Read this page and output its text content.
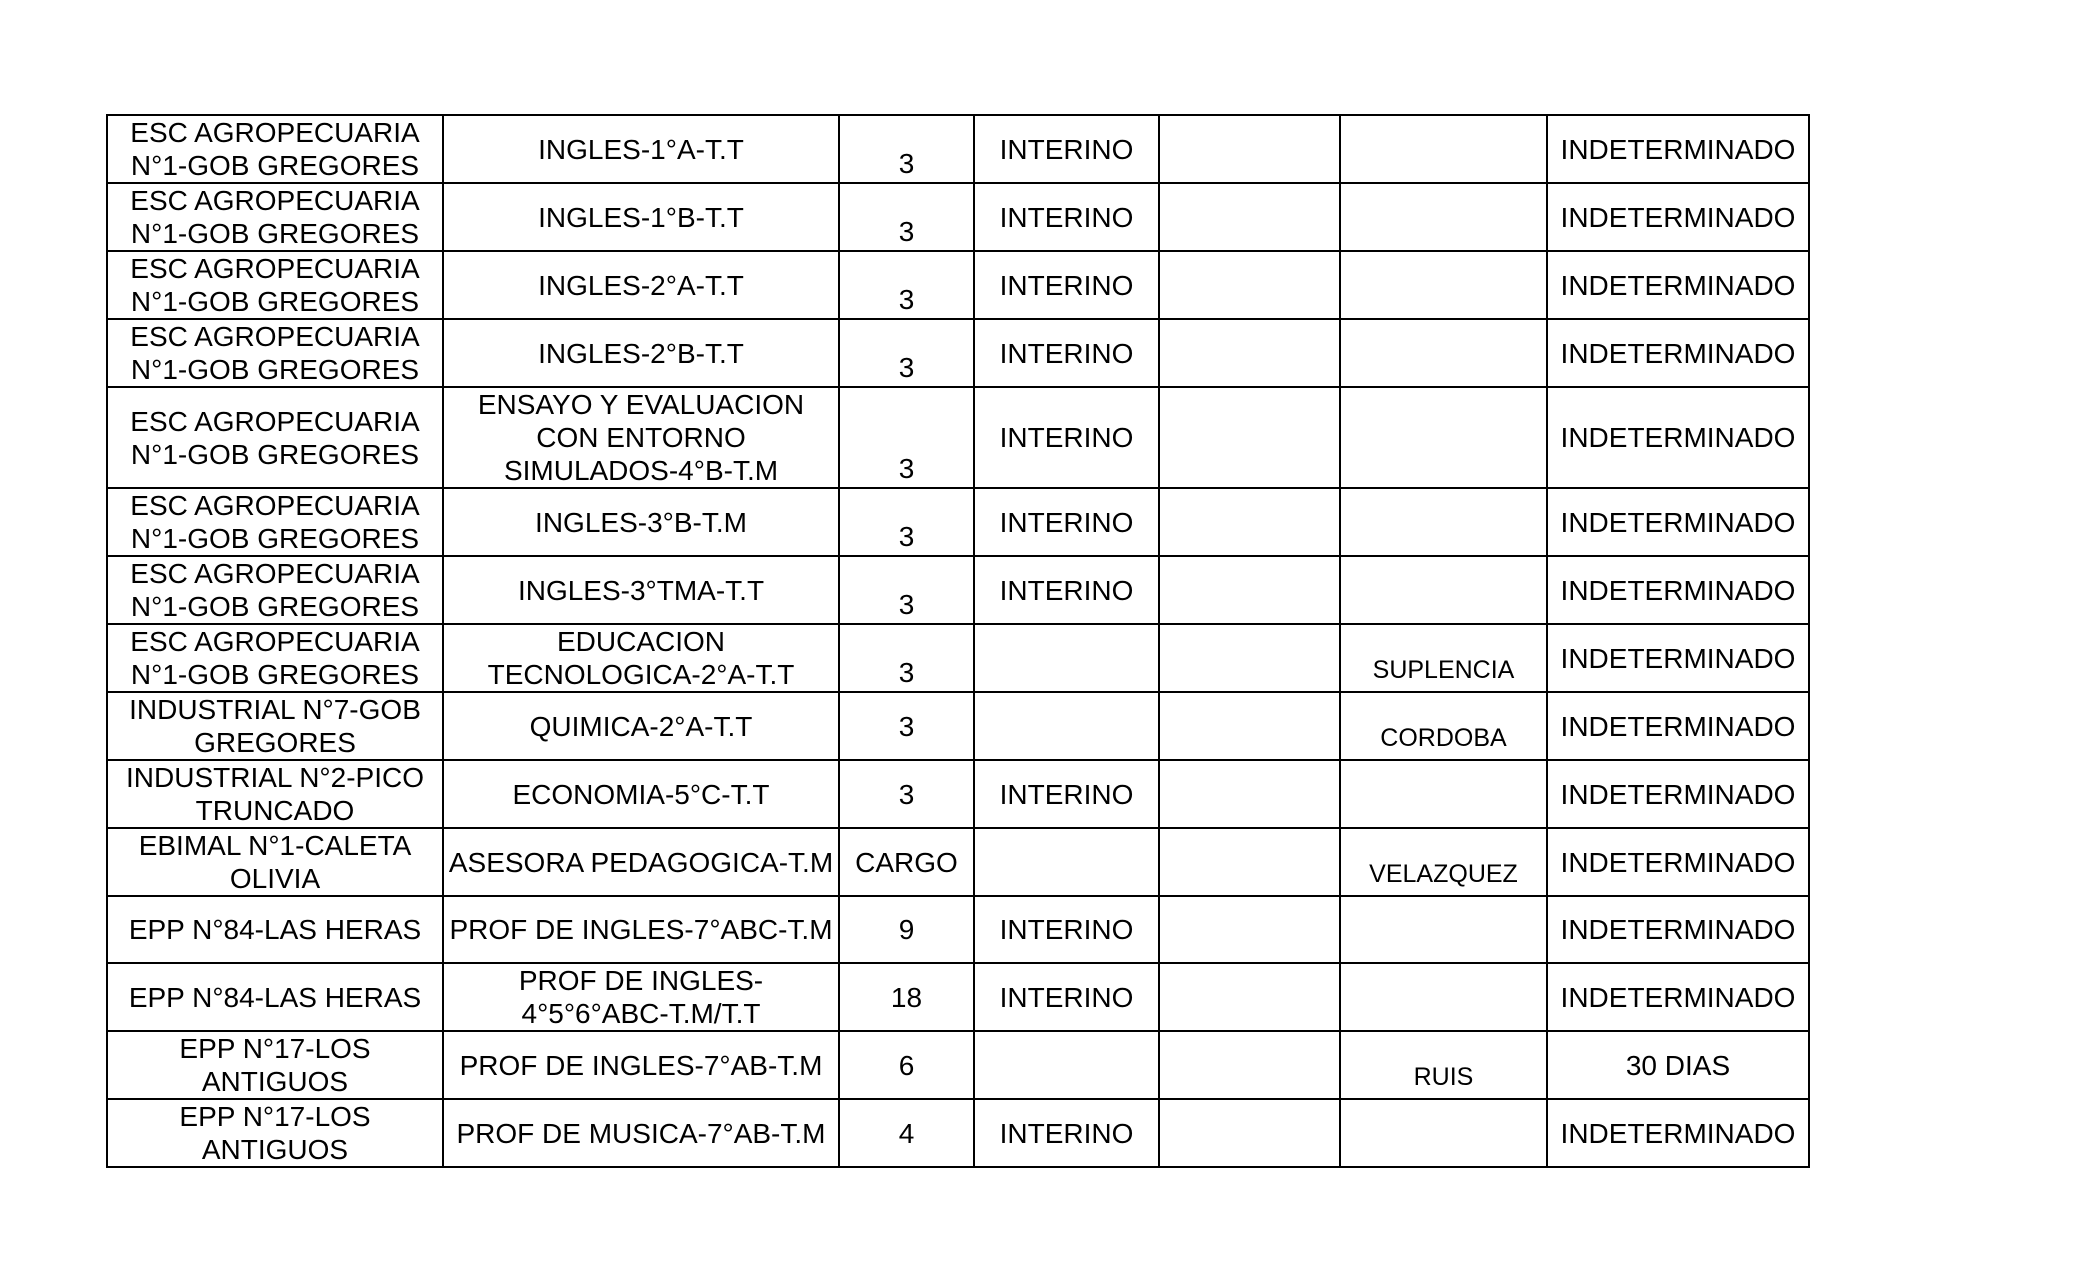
ESC AGROPECUARIA N°1-GOB GREGORES	INGLES-1°A-T.T	3	INTERINO			INDETERMINADO
ESC AGROPECUARIA N°1-GOB GREGORES	INGLES-1°B-T.T	3	INTERINO			INDETERMINADO
ESC AGROPECUARIA N°1-GOB GREGORES	INGLES-2°A-T.T	3	INTERINO			INDETERMINADO
ESC AGROPECUARIA N°1-GOB GREGORES	INGLES-2°B-T.T	3	INTERINO			INDETERMINADO
ESC AGROPECUARIA N°1-GOB GREGORES	ENSAYO Y EVALUACION CON ENTORNO SIMULADOS-4°B-T.M	3	INTERINO			INDETERMINADO
ESC AGROPECUARIA N°1-GOB GREGORES	INGLES-3°B-T.M	3	INTERINO			INDETERMINADO
ESC AGROPECUARIA N°1-GOB GREGORES	INGLES-3°TMA-T.T	3	INTERINO			INDETERMINADO
ESC AGROPECUARIA N°1-GOB GREGORES	EDUCACION TECNOLOGICA-2°A-T.T	3			SUPLENCIA	INDETERMINADO
INDUSTRIAL N°7-GOB GREGORES	QUIMICA-2°A-T.T	3			CORDOBA	INDETERMINADO
INDUSTRIAL N°2-PICO TRUNCADO	ECONOMIA-5°C-T.T	3	INTERINO			INDETERMINADO
EBIMAL N°1-CALETA OLIVIA	ASESORA PEDAGOGICA-T.M	CARGO			VELAZQUEZ	INDETERMINADO
EPP N°84-LAS HERAS	PROF DE INGLES-7°ABC-T.M	9	INTERINO			INDETERMINADO
EPP N°84-LAS HERAS	PROF DE INGLES-4°5°6°ABC-T.M/T.T	18	INTERINO			INDETERMINADO
EPP N°17-LOS ANTIGUOS	PROF DE INGLES-7°AB-T.M	6			RUIS	30 DIAS
EPP N°17-LOS ANTIGUOS	PROF DE MUSICA-7°AB-T.M	4	INTERINO			INDETERMINADO
